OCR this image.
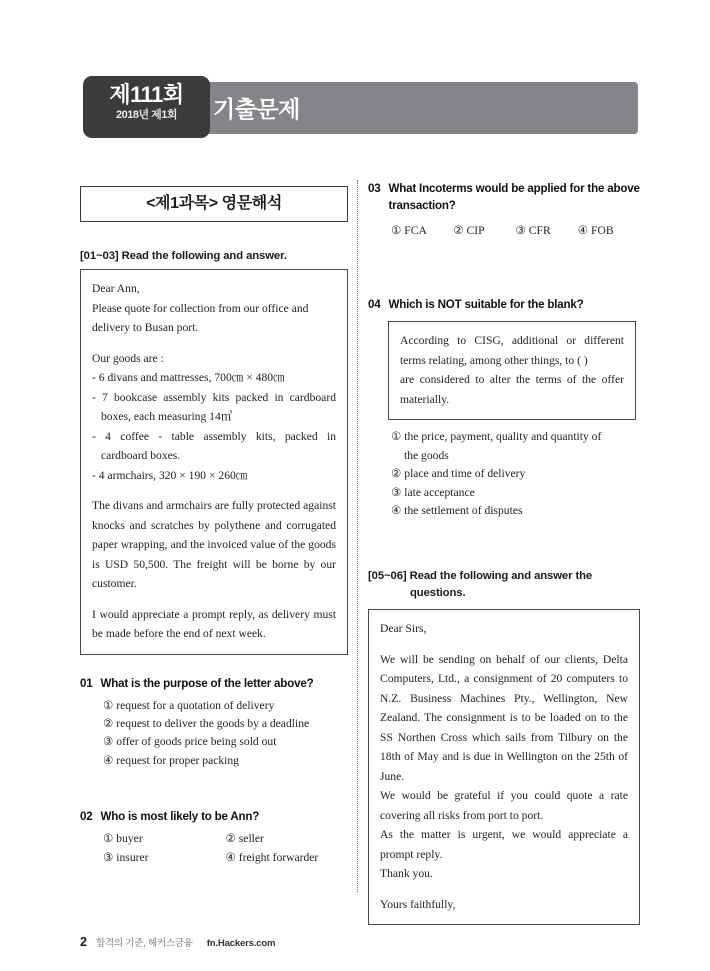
기출문제
제111회
2018년 제1회
<제1과목> 영문해석
[01~03] Read the following and answer.

Dear Ann,

Please quote for collection from our office and

delivery to Busan port.

Our goods are :

- 6 divans and mattresses, 700㎝ × 480㎝

- 7 bookcase assembly kits packed in cardboard

boxes, each measuring 14㎥

- 4 coffee - table assembly kits, packed in

cardboard boxes.

- 4 armchairs, 320 × 190 × 260㎝

The divans and armchairs are fully protected against knocks and scratches by polythene and corrugated paper wrapping, and the invoiced value of the goods is USD 50,500. The freight will be borne by our customer.

I would appreciate a prompt reply, as delivery must be made before the end of next week.

01 What is the purpose of the letter above?
① request for a quotation of delivery
② request to deliver the goods by a deadline
③ offer of goods price being sold out
④ request for proper packing
02 Who is most likely to be Ann?
① buyer	② seller
③ insurer	④ freight forwarder
03 What Incoterms would be applied for the above transaction?
① FCA	② CIP	③ CFR	④ FOB
04 Which is NOT suitable for the blank?

According to CISG, additional or different

terms relating, among other things, to ( )

are considered to alter the terms of the offer

materially.

① the price, payment, quality and quantity of
the goods
② place and time of delivery
③ late acceptance
④ the settlement of disputes
[05~06] Read the following and answer the
questions.

Dear Sirs,

We will be sending on behalf of our clients, Delta Computers, Ltd., a consignment of 20 computers to N.Z. Business Machines Pty., Wellington, New Zealand. The consignment is to be loaded on to the SS Northen Cross which sails from Tilbury on the 18th of May and is due in Wellington on the 25th of June.

We would be grateful if you could quote a rate covering all risks from port to port.

As the matter is urgent, we would appreciate a prompt reply.

Thank you.

Yours faithfully,

2 합격의 기준, 해커스금융 fn.Hackers.com
